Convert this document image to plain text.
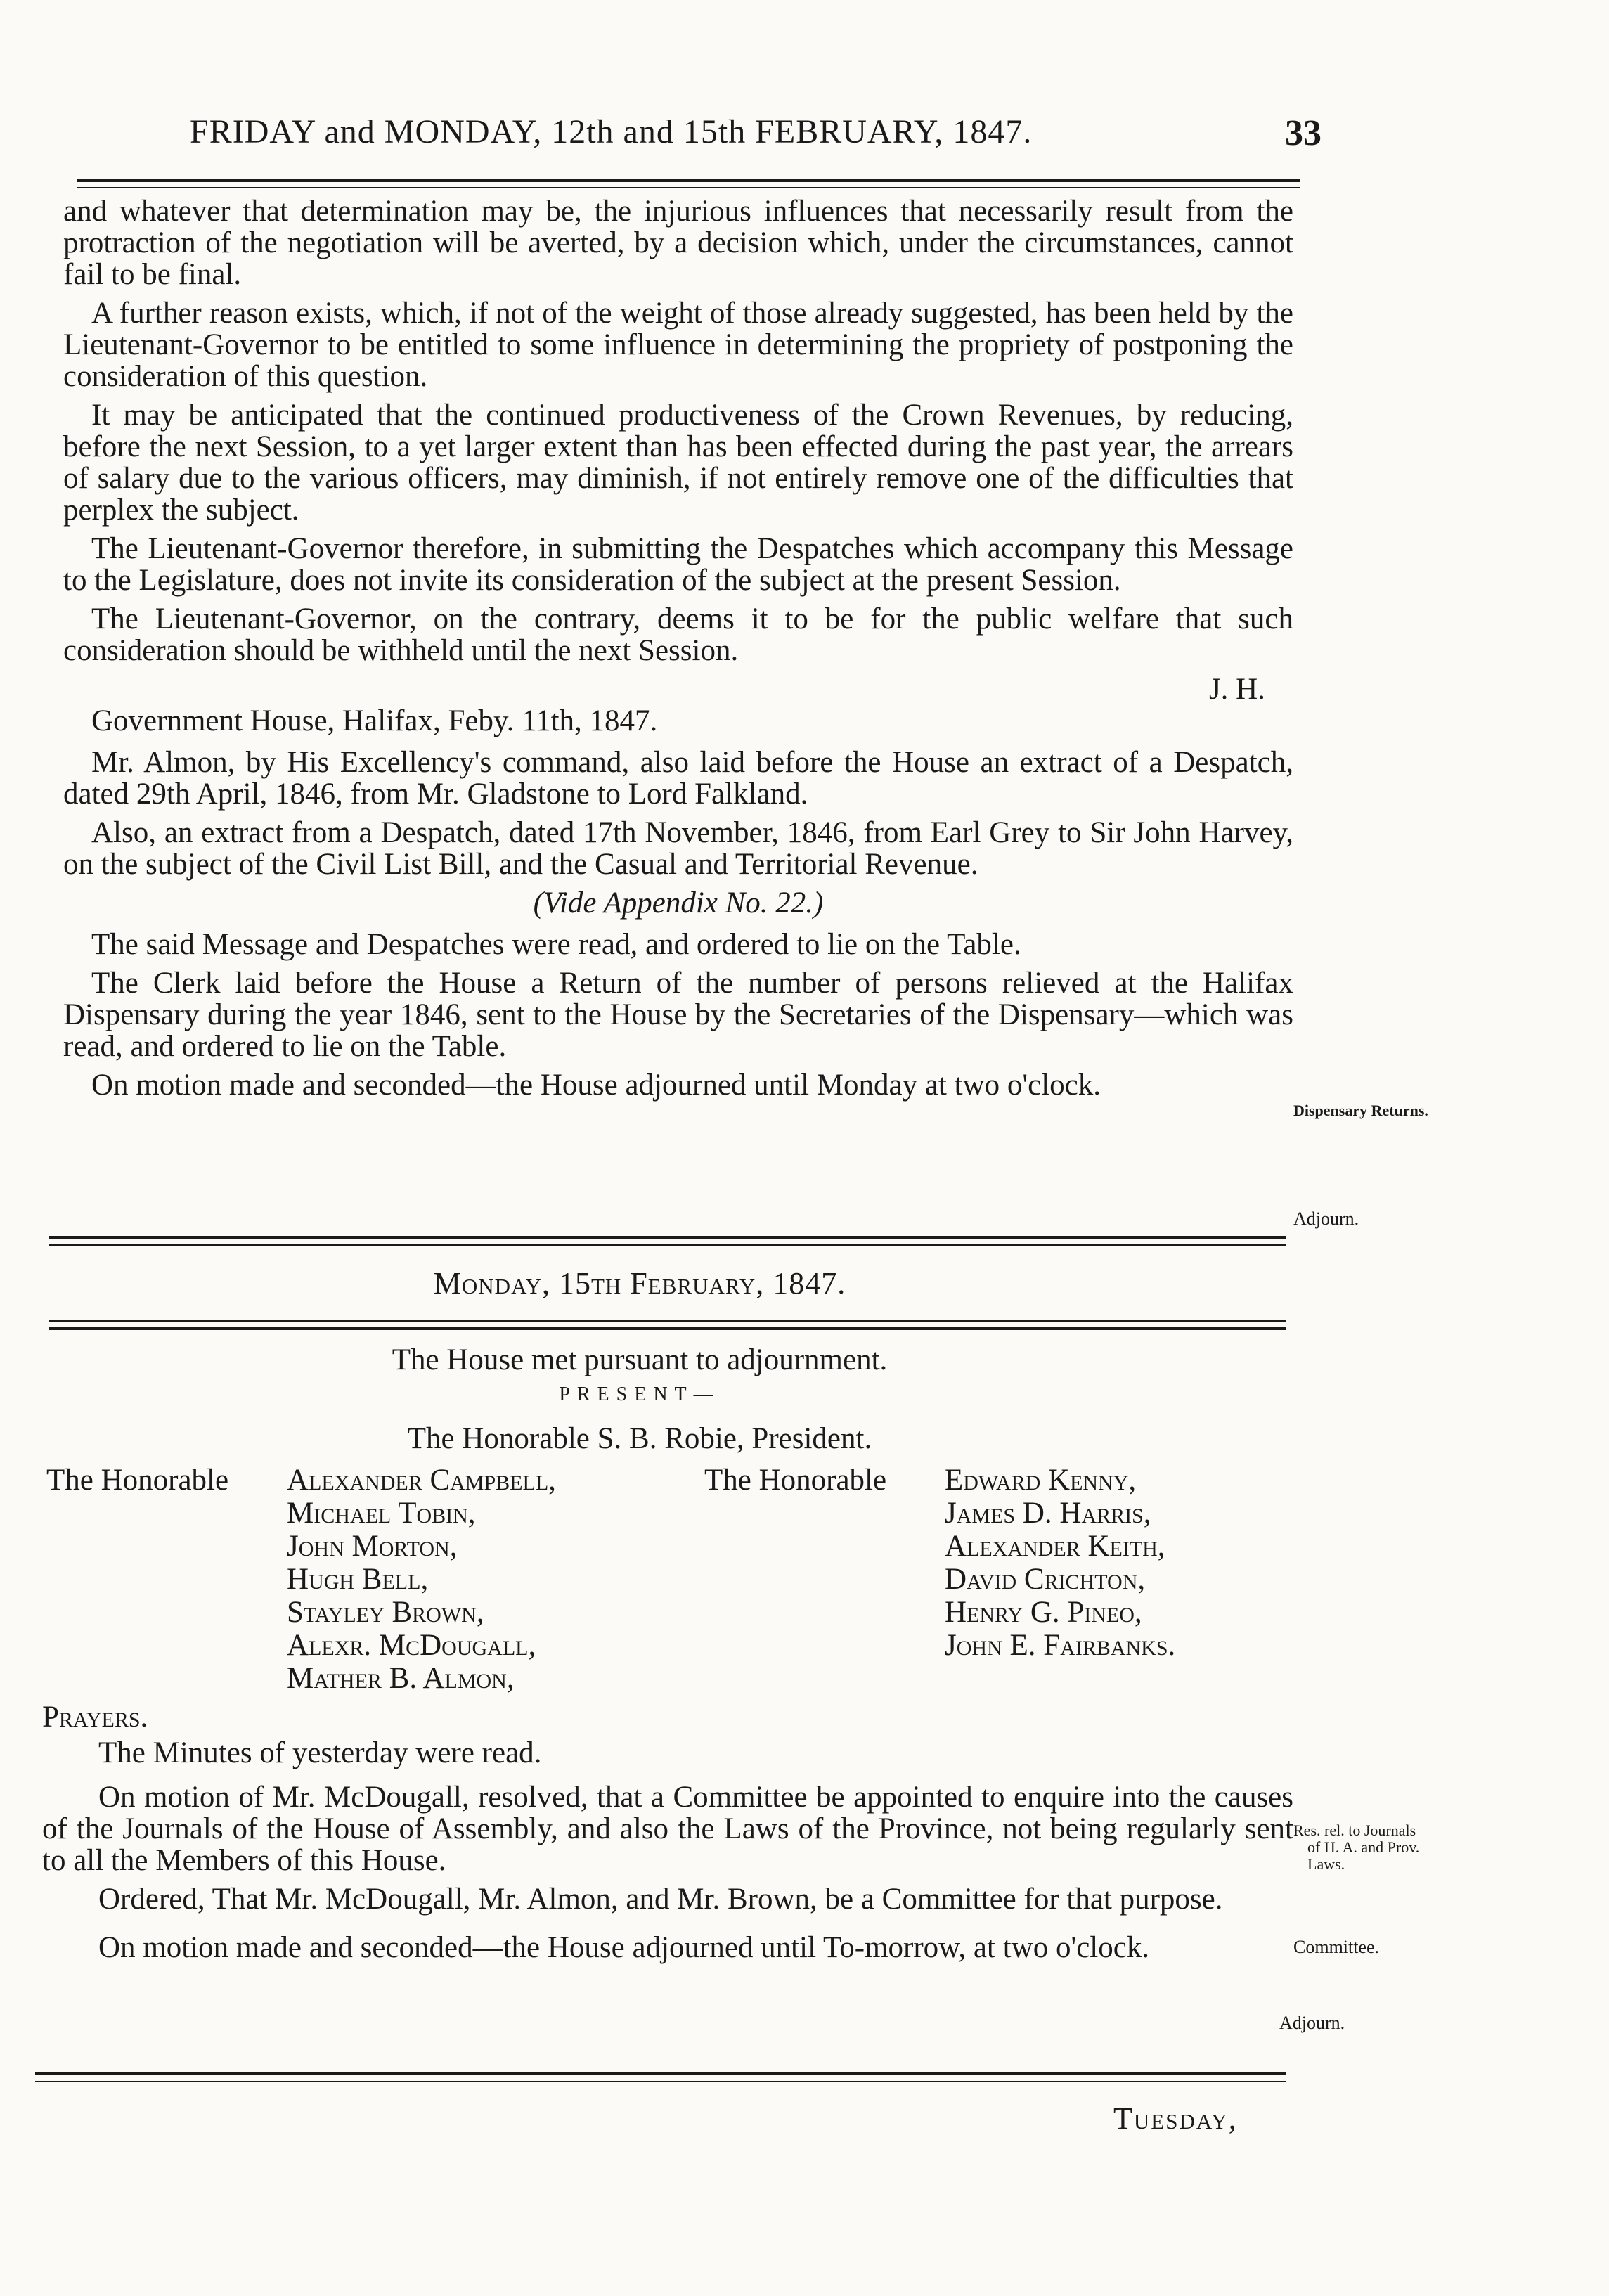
FRIDAY and MONDAY, 12th and 15th FEBRUARY, 1847.	33

and whatever that determination may be, the injurious influences that necessarily result from the protraction of the negotiation will be averted, by a decision which, under the circumstances, cannot fail to be final.

A further reason exists, which, if not of the weight of those already suggested, has been held by the Lieutenant-Governor to be entitled to some influence in determining the propriety of postponing the consideration of this question.

It may be anticipated that the continued productiveness of the Crown Revenues, by reducing, before the next Session, to a yet larger extent than has been effected during the past year, the arrears of salary due to the various officers, may diminish, if not entirely remove one of the difficulties that perplex the subject.

The Lieutenant-Governor therefore, in submitting the Despatches which accompany this Message to the Legislature, does not invite its consideration of the subject at the present Session.

The Lieutenant-Governor, on the contrary, deems it to be for the public welfare that such consideration should be withheld until the next Session.

J. H.

Government House, Halifax, Feby. 11th, 1847.

Mr. Almon, by His Excellency's command, also laid before the House an extract of a Despatch, dated 29th April, 1846, from Mr. Gladstone to Lord Falkland.

Also, an extract from a Despatch, dated 17th November, 1846, from Earl Grey to Sir John Harvey, on the subject of the Civil List Bill, and the Casual and Territorial Revenue.

(Vide Appendix No. 22.)

The said Message and Despatches were read, and ordered to lie on the Table.

The Clerk laid before the House a Return of the number of persons relieved at the Halifax Dispensary during the year 1846, sent to the House by the Secretaries of the Dispensary—which was read, and ordered to lie on the Table.

On motion made and seconded—the House adjourned until Monday at two o'clock.

Dispensary Returns.
Adjourn.
Monday, 15th February, 1847.
The House met pursuant to adjournment.
PRESENT—
The Honorable S. B. Robie, President.
The Honorable Alexander Campbell,
Michael Tobin,
John Morton,
Hugh Bell,
Stayley Brown,
Alexr. McDougall,
Mather B. Almon,
The Honorable Edward Kenny,
James D. Harris,
Alexander Keith,
David Crichton,
Henry G. Pineo,
John E. Fairbanks.

Prayers.

The Minutes of yesterday were read.

On motion of Mr. McDougall, resolved, that a Committee be appointed to enquire into the causes of the Journals of the House of Assembly, and also the Laws of the Province, not being regularly sent to all the Members of this House.

Ordered, That Mr. McDougall, Mr. Almon, and Mr. Brown, be a Committee for that purpose.

On motion made and seconded—the House adjourned until To-morrow, at two o'clock.

Res. rel. to Journals
of H. A. and Prov.
Laws.
Committee.
Adjourn.
Tuesday,
